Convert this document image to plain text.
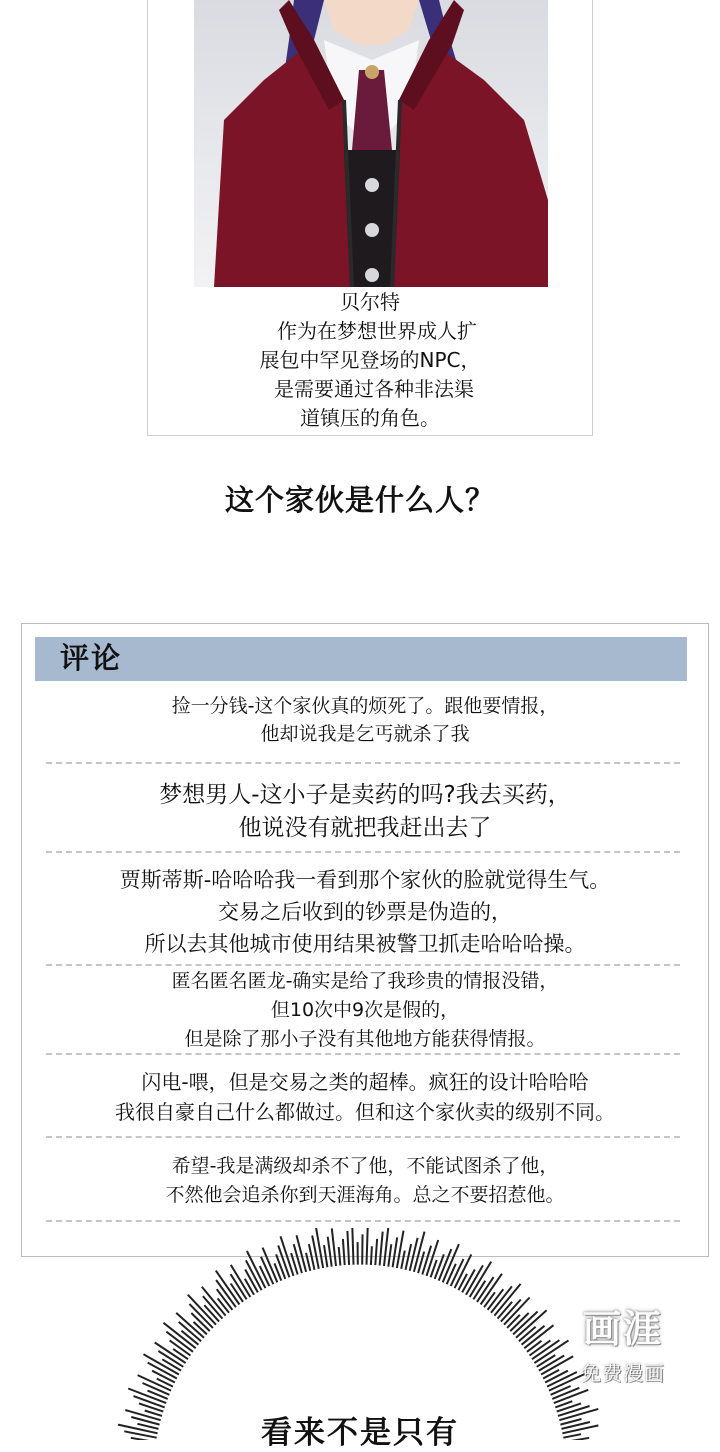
贝尔特
作为在梦想世界成人扩
展包中罕见登场的NPC，
是需要通过各种非法渠
道镇压的角色。
这个家伙是什么人？
评论
捡一分钱-这个家伙真的烦死了。跟他要情报，
他却说我是乞丐就杀了我
梦想男人-这小子是卖药的吗?我去买药，
他说没有就把我赶出去了
贾斯蒂斯-哈哈哈我一看到那个家伙的脸就觉得生气。
交易之后收到的钞票是伪造的，
所以去其他城市使用结果被警卫抓走哈哈哈操。
匿名匿名匿龙-确实是给了我珍贵的情报没错，
但10次中9次是假的，
但是除了那小子没有其他地方能获得情报。
闪电-喂，但是交易之类的超棒。疯狂的设计哈哈哈
我很自豪自己什么都做过。但和这个家伙卖的级别不同。
希望-我是满级却杀不了他，不能试图杀了他，
不然他会追杀你到天涯海角。总之不要招惹他。
看来不是只有
画涯
免费漫画
